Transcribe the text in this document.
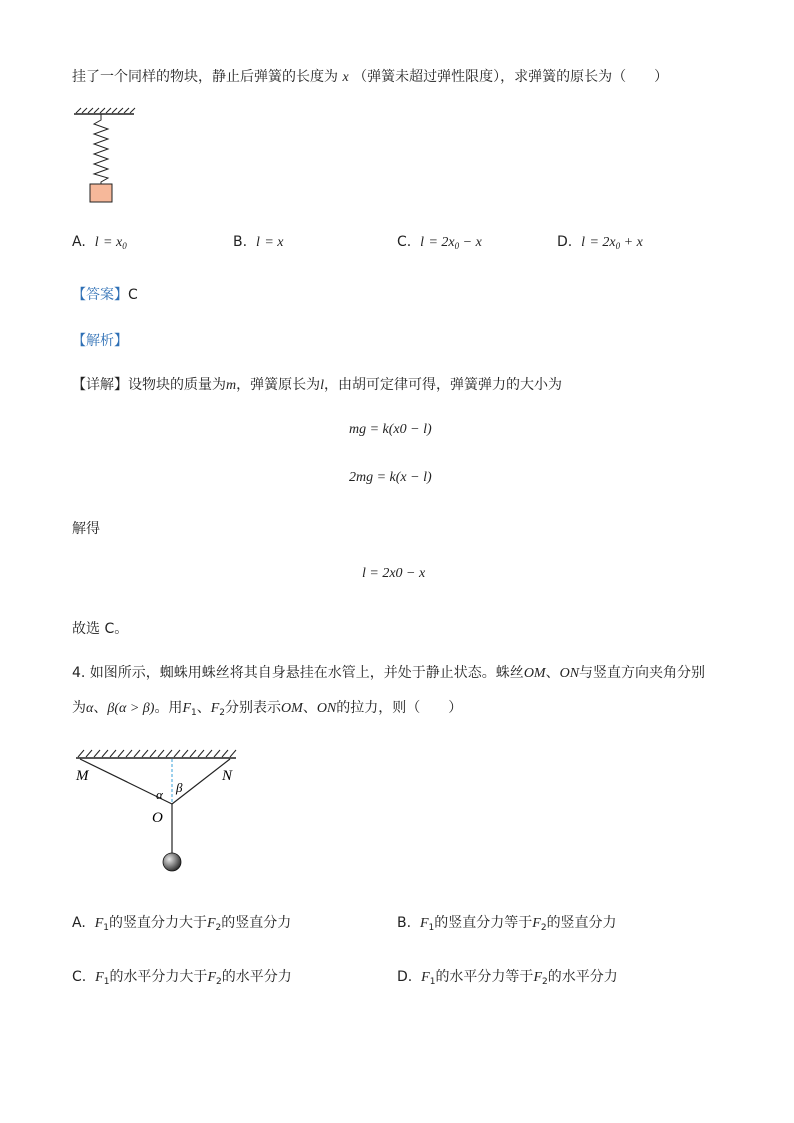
挂了一个同样的物块，静止后弹簧的长度为 x （弹簧未超过弹性限度），求弹簧的原长为（　　）
A. $l = x_0$	B. l = x	C. $l = 2x_0 - x$	D. $l = 2x_0 + x$
【答案】C
【解析】
【详解】设物块的质量为m，弹簧原长为l，由胡可定律可得，弹簧弹力的大小为
mg = k(x0 − l)
2mg = k(x − l)
解得
l = 2x0 − x
故选 C。
4. 如图所示，蜘蛛用蛛丝将其自身悬挂在水管上，并处于静止状态。蛛丝OM、ON与竖直方向夹角分别
为α、β(α > β)。用$F_1$、$F_2$分别表示OM、ON的拉力，则（　　）
M	N
α β
O
A. $F_1$的竖直分力大于$F_2$的竖直分力	B. $F_1$的竖直分力等于$F_2$的竖直分力
C. $F_1$的水平分力大于$F_2$的水平分力	D. $F_1$的水平分力等于$F_2$的水平分力
